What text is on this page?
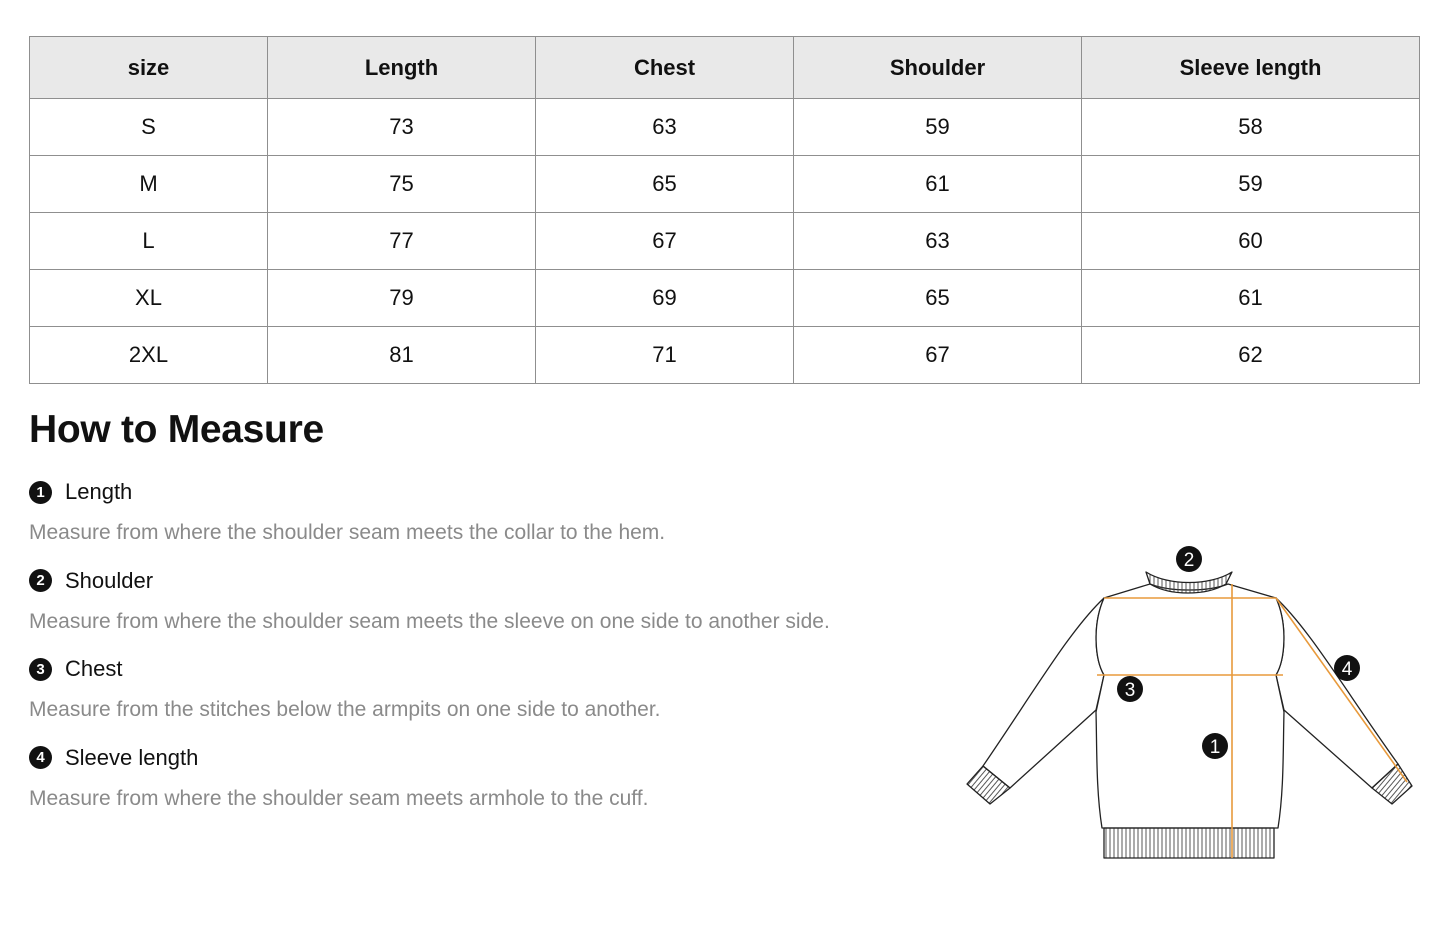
size	Length	Chest	Shoulder	Sleeve length
S	73	63	59	58
M	75	65	61	59
L	77	67	63	60
XL	79	69	65	61
2XL	81	71	67	62
How to Measure
1 Length
Measure from where the shoulder seam meets the collar to the hem.
2 Shoulder
Measure from where the shoulder seam meets the sleeve on one side to another side.
3 Chest
Measure from the stitches below the armpits on one side to another.
4 Sleeve length
Measure from where the shoulder seam meets armhole to the cuff.
2
3
1
4
